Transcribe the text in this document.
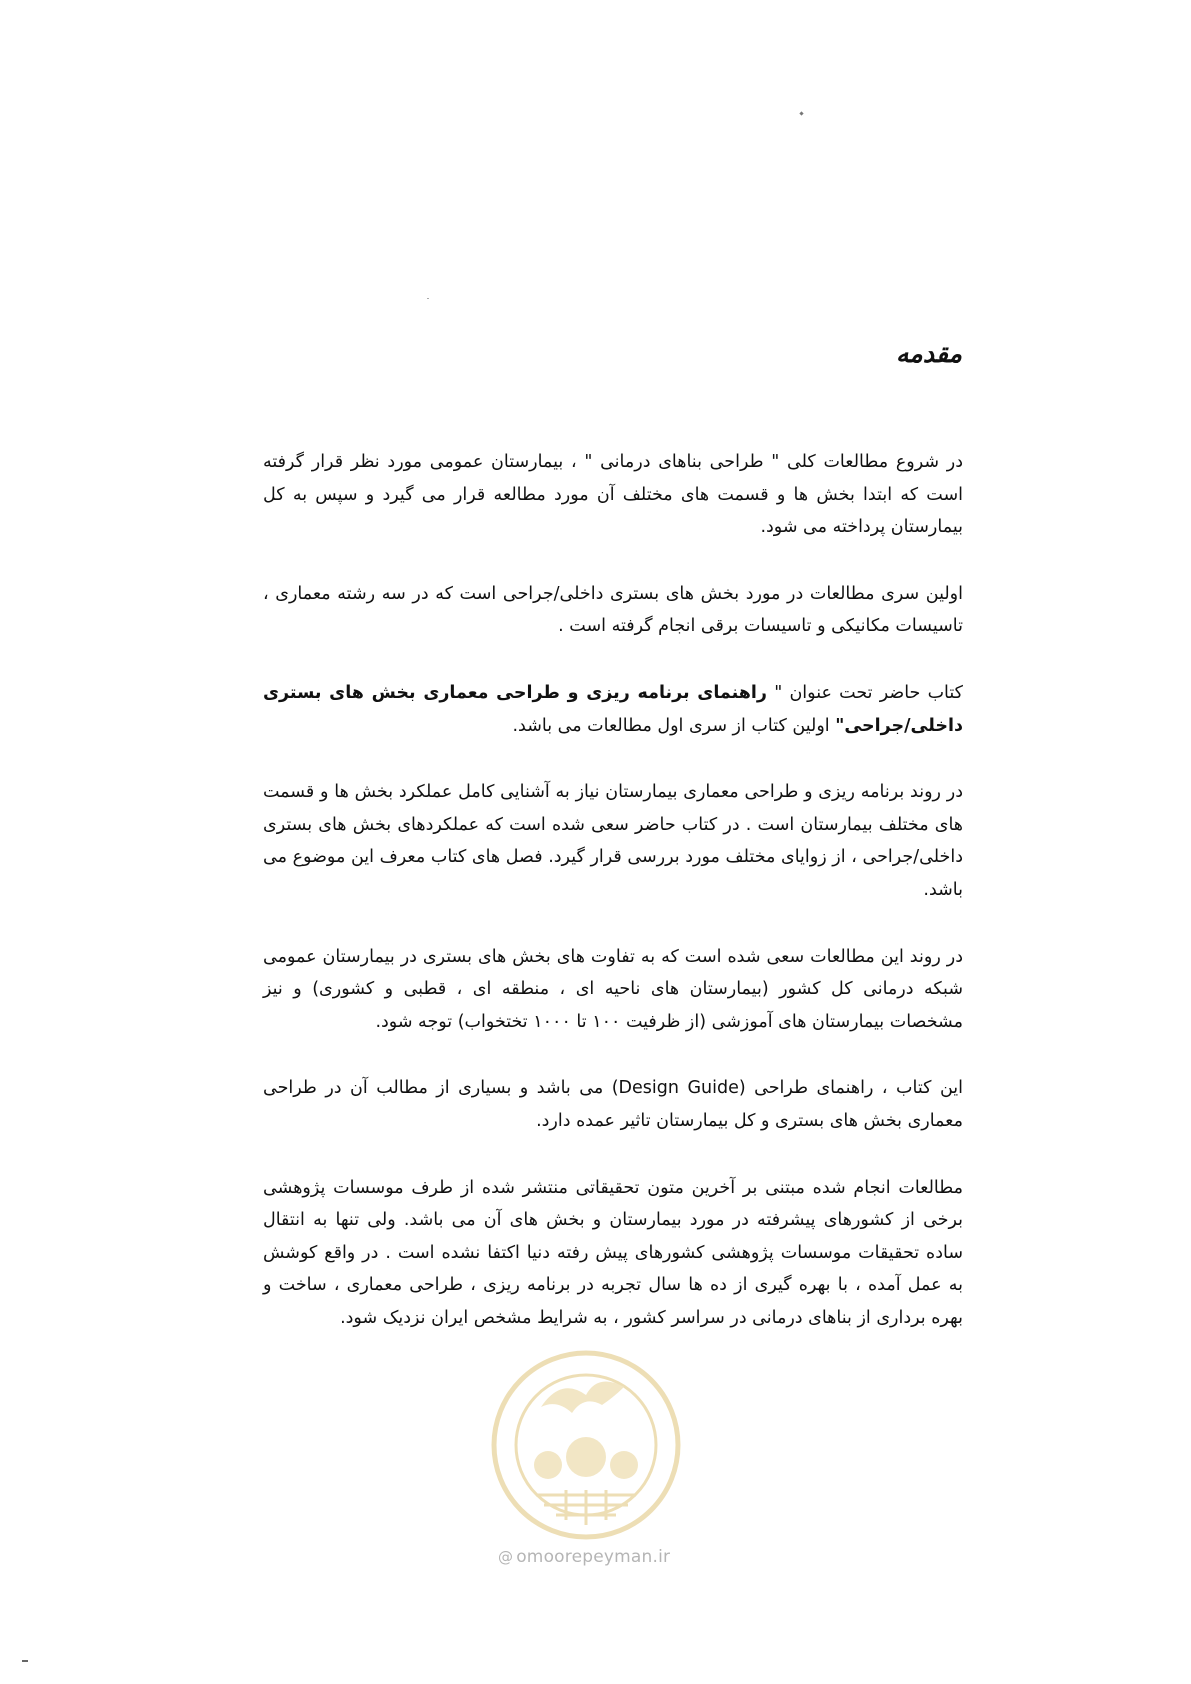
مقدمه

در شروع مطالعات کلی " طراحی بناهای درمانی " ، بیمارستان عمومی مورد نظر قرار گرفته است که ابتدا بخش ها و قسمت های مختلف آن مورد مطالعه قرار می گیرد و سپس به کل بیمارستان پرداخته می شود.

اولین سری مطالعات در مورد بخش های بستری داخلی/جراحی است که در سه رشته معماری ، تاسیسات مکانیکی و تاسیسات برقی انجام گرفته است .

کتاب حاضر تحت عنوان " راهنمای برنامه ریزی و طراحی معماری بخش های بستری داخلی/جراحی" اولین کتاب از سری اول مطالعات می باشد.

در روند برنامه ریزی و طراحی معماری بیمارستان نیاز به آشنایی کامل عملکرد بخش ها و قسمت های مختلف بیمارستان است . در کتاب حاضر سعی شده است که عملکردهای بخش های بستری داخلی/جراحی ، از زوایای مختلف مورد بررسی قرار گیرد. فصل های کتاب معرف این موضوع می باشد.

در روند این مطالعات سعی شده است که به تفاوت های بخش های بستری در بیمارستان عمومی شبکه درمانی کل کشور (بیمارستان های ناحیه ای ، منطقه ای ، قطبی و کشوری) و نیز مشخصات بیمارستان های آموزشی (از ظرفیت ۱۰۰ تا ۱۰۰۰ تختخواب) توجه شود.

این کتاب ، راهنمای طراحی (Design Guide) می باشد و بسیاری از مطالب آن در طراحی معماری بخش های بستری و کل بیمارستان تاثیر عمده دارد.

مطالعات انجام شده مبتنی بر آخرین متون تحقیقاتی منتشر شده از طرف موسسات پژوهشی برخی از کشورهای پیشرفته در مورد بیمارستان و بخش های آن می باشد. ولی تنها به انتقال ساده تحقیقات موسسات پژوهشی کشورهای پیش رفته دنیا اکتفا نشده است . در واقع کوشش به عمل آمده ، با بهره گیری از ده ها سال تجربه در برنامه ریزی ، طراحی معماری ، ساخت و بهره برداری از بناهای درمانی در سراسر کشور ، به شرایط مشخص ایران نزدیک شود.

@ omoorepeyman.ir
